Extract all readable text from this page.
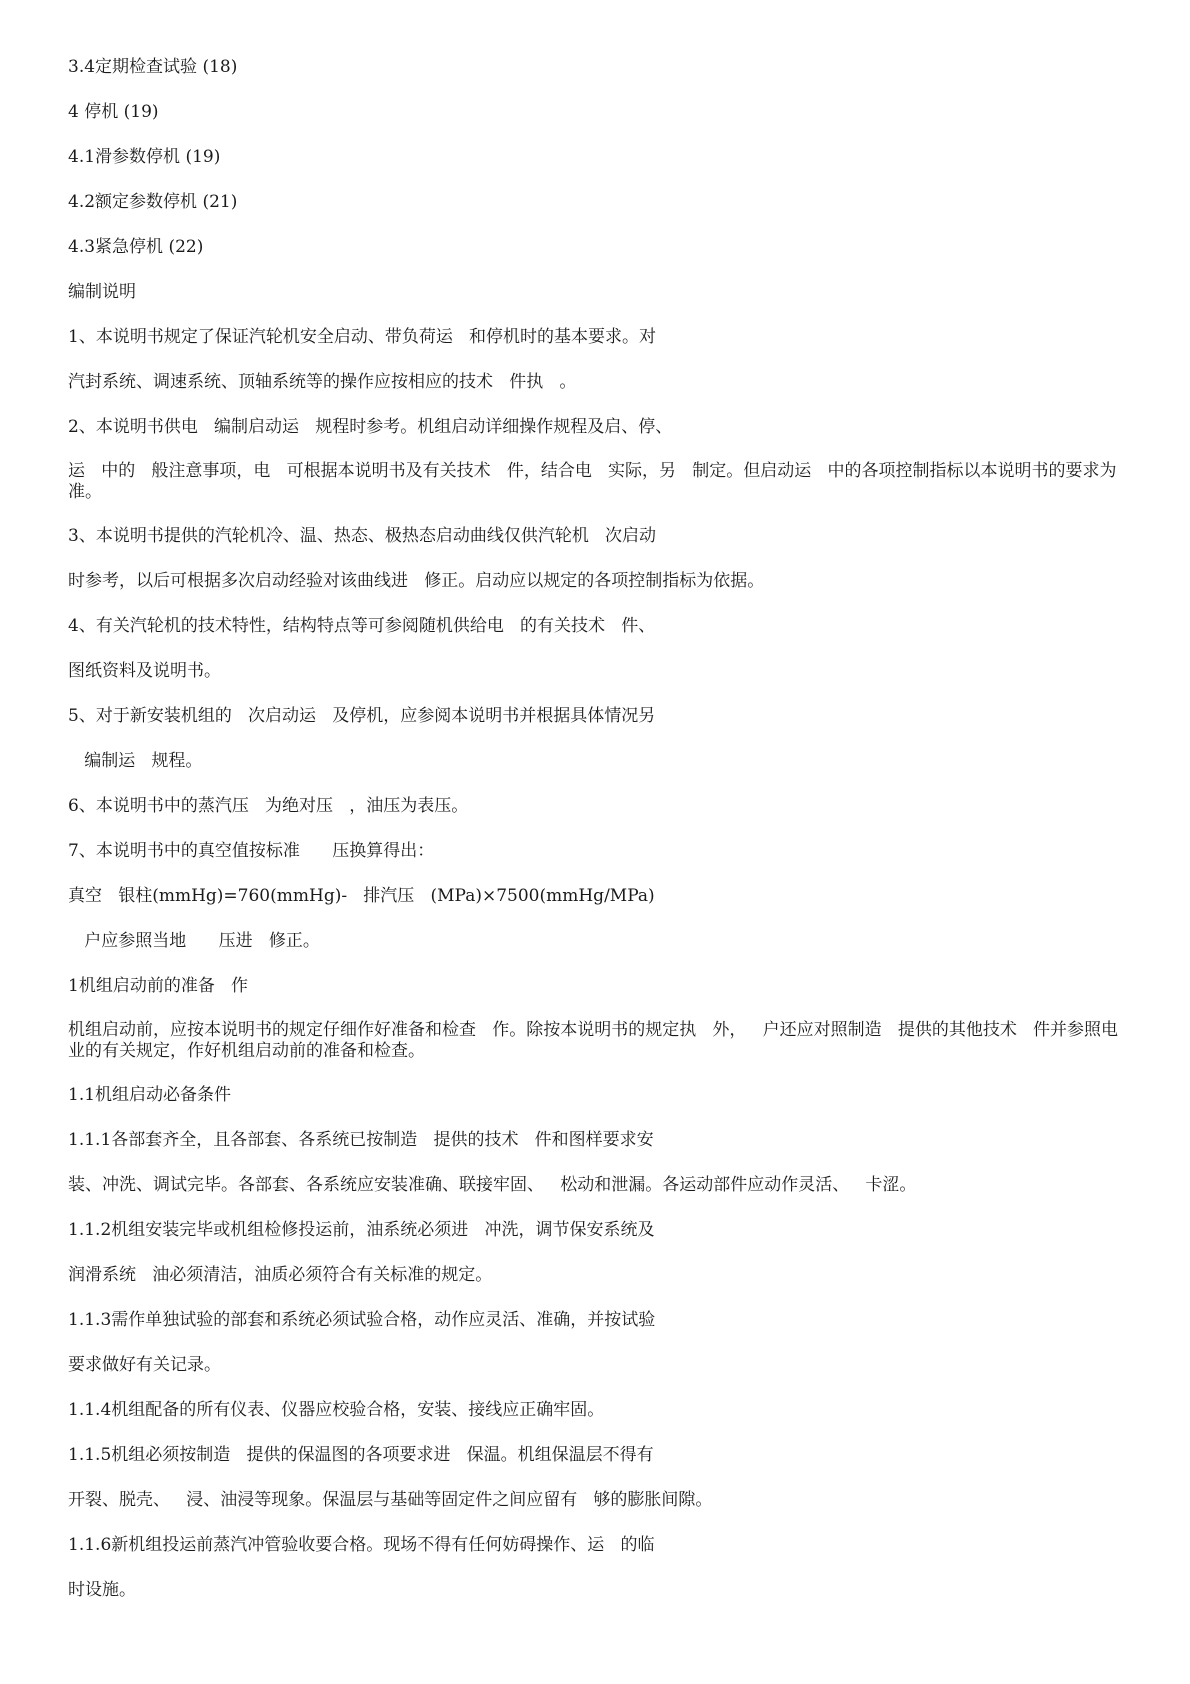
3.4定期检查试验 (18)

4 停机 (19)

4.1滑参数停机 (19)

4.2额定参数停机 (21)

4.3紧急停机 (22)

编制说明

1、本说明书规定了保证汽轮机安全启动、带负荷运   和停机时的基本要求。对

汽封系统、调速系统、顶轴系统等的操作应按相应的技术   件执   。

2、本说明书供电   编制启动运   规程时参考。机组启动详细操作规程及启、停、

运   中的   般注意事项，电   可根据本说明书及有关技术   件，结合电   实际，另   制定。但启动运   中的各项控制指标以本说明书的要求为准。

3、本说明书提供的汽轮机冷、温、热态、极热态启动曲线仅供汽轮机   次启动

时参考，以后可根据多次启动经验对该曲线进   修正。启动应以规定的各项控制指标为依据。

4、有关汽轮机的技术特性，结构特点等可参阅随机供给电   的有关技术   件、

图纸资料及说明书。

5、对于新安装机组的   次启动运   及停机，应参阅本说明书并根据具体情况另

编制运   规程。

6、本说明书中的蒸汽压   为绝对压   ，油压为表压。

7、本说明书中的真空值按标准      压换算得出：

真空   银柱(mmHg)=760(mmHg)-   排汽压   (MPa)×7500(mmHg/MPa)

户应参照当地      压进   修正。

1机组启动前的准备   作

机组启动前，应按本说明书的规定仔细作好准备和检查   作。除按本说明书的规定执   外，   户还应对照制造   提供的其他技术   件并参照电      业的有关规定，作好机组启动前的准备和检查。

1.1机组启动必备条件

1.1.1各部套齐全，且各部套、各系统已按制造   提供的技术   件和图样要求安

装、冲洗、调试完毕。各部套、各系统应安装准确、联接牢固、   松动和泄漏。各运动部件应动作灵活、   卡涩。

1.1.2机组安装完毕或机组检修投运前，油系统必须进   冲洗，调节保安系统及

润滑系统   油必须清洁，油质必须符合有关标准的规定。

1.1.3需作单独试验的部套和系统必须试验合格，动作应灵活、准确，并按试验

要求做好有关记录。

1.1.4机组配备的所有仪表、仪器应校验合格，安装、接线应正确牢固。

1.1.5机组必须按制造   提供的保温图的各项要求进   保温。机组保温层不得有

开裂、脱壳、   浸、油浸等现象。保温层与基础等固定件之间应留有   够的膨胀间隙。

1.1.6新机组投运前蒸汽冲管验收要合格。现场不得有任何妨碍操作、运   的临

时设施。
